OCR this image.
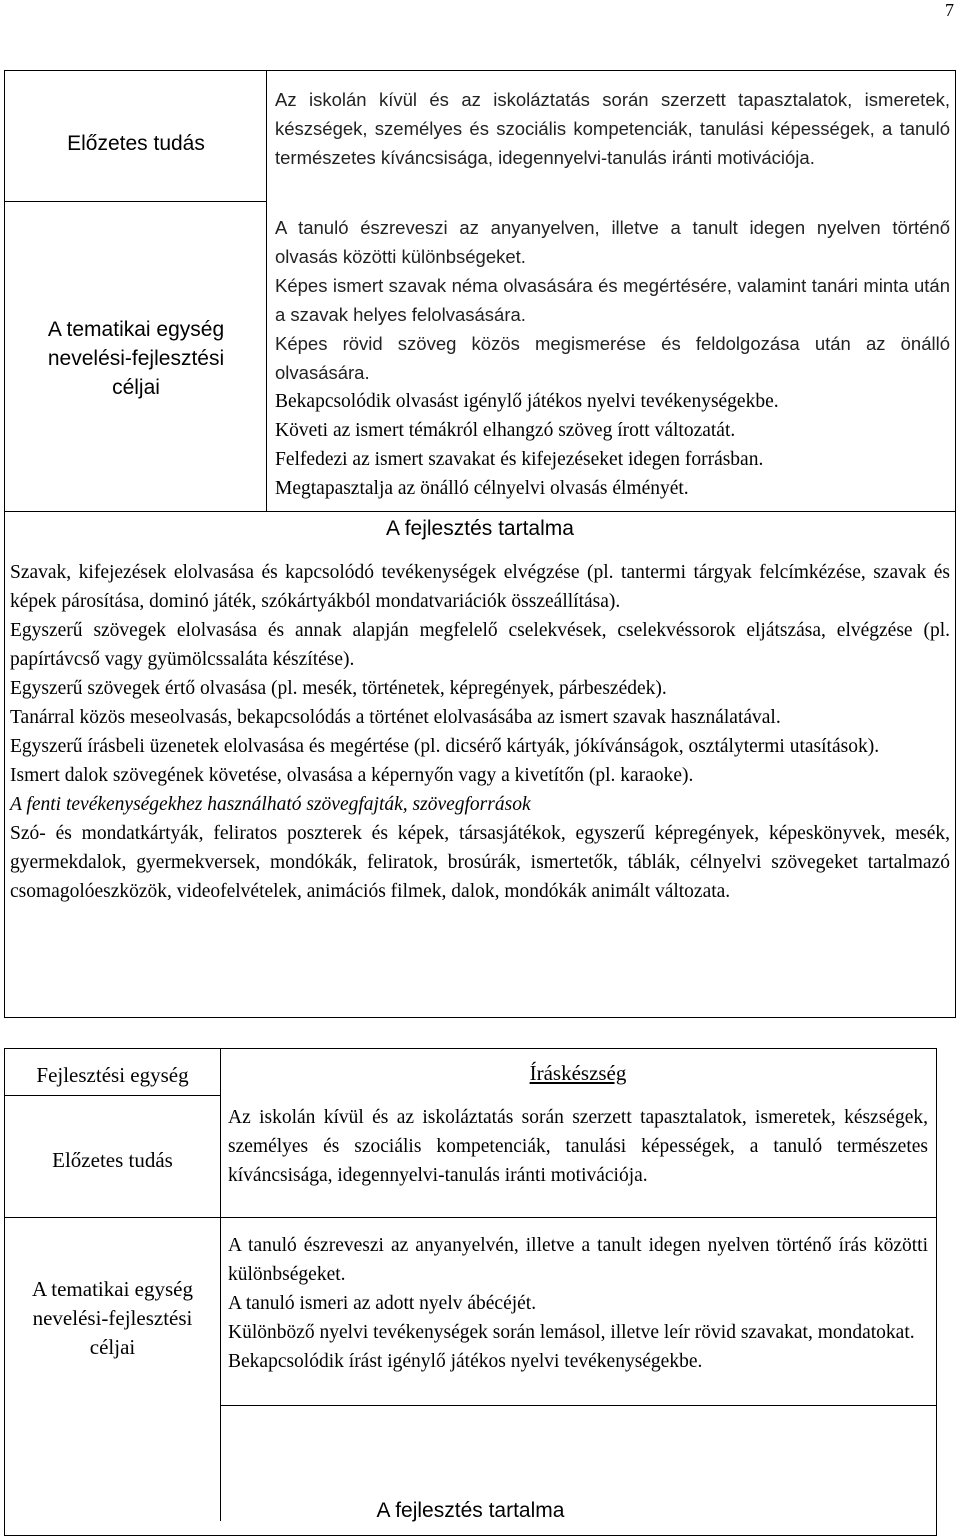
7
Előzetes tudás
A tematikai egység
nevelési-fejlesztési
céljai

Az iskolán kívül és az iskoláztatás során szerzett tapasztalatok, ismeretek, készségek, személyes és szociális kompetenciák, tanulási képességek, a tanuló természetes kíváncsisága, idegennyelvi-tanulás iránti motivációja.

A tanuló észreveszi az anyanyelven, illetve a tanult idegen nyelven történő olvasás közötti különbségeket.

Képes ismert szavak néma olvasására és megértésére, valamint tanári minta után a szavak helyes felolvasására.

Képes rövid szöveg közös megismerése és feldolgozása után az önálló olvasására.

Bekapcsolódik olvasást igénylő játékos nyelvi tevékenységekbe.

Követi az ismert témákról elhangzó szöveg írott változatát.

Felfedezi az ismert szavakat és kifejezéseket idegen forrásban.

Megtapasztalja az önálló célnyelvi olvasás élményét.

A fejlesztés tartalma

Szavak, kifejezések elolvasása és kapcsolódó tevékenységek elvégzése (pl. tantermi tárgyak felcímkézése, szavak és képek párosítása, dominó játék, szókártyákból mondatvariációk összeállítása).

Egyszerű szövegek elolvasása és annak alapján megfelelő cselekvések, cselekvéssorok eljátszása, elvégzése (pl. papírtávcső vagy gyümölcssaláta készítése).

Egyszerű szövegek értő olvasása (pl. mesék, történetek, képregények, párbeszédek).

Tanárral közös meseolvasás, bekapcsolódás a történet elolvasásába az ismert szavak használatával.

Egyszerű írásbeli üzenetek elolvasása és megértése (pl. dicsérő kártyák, jókívánságok, osztálytermi utasítások).

Ismert dalok szövegének követése, olvasása a képernyőn vagy a kivetítőn (pl. karaoke).

A fenti tevékenységekhez használható szövegfajták, szövegforrások

Szó- és mondatkártyák, feliratos poszterek és képek, társasjátékok, egyszerű képregények, képeskönyvek, mesék, gyermekdalok, gyermekversek, mondókák, feliratok, brosúrák, ismertetők, táblák, célnyelvi szövegeket tartalmazó csomagolóeszközök, videofelvételek, animációs filmek, dalok, mondókák animált változata.

Fejlesztési egység	Íráskészség
Előzetes tudás

Az iskolán kívül és az iskoláztatás során szerzett tapasztalatok, ismeretek, készségek, személyes és szociális kompetenciák, tanulási képességek, a tanuló természetes kíváncsisága, idegennyelvi-tanulás iránti motivációja.

A tematikai egység
nevelési-fejlesztési
céljai

A tanuló észreveszi az anyanyelvén, illetve a tanult idegen nyelven történő írás közötti különbségeket.

A tanuló ismeri az adott nyelv ábécéjét.

Különböző nyelvi tevékenységek során lemásol, illetve leír rövid szavakat, mondatokat.

Bekapcsolódik írást igénylő játékos nyelvi tevékenységekbe.

A fejlesztés tartalma
